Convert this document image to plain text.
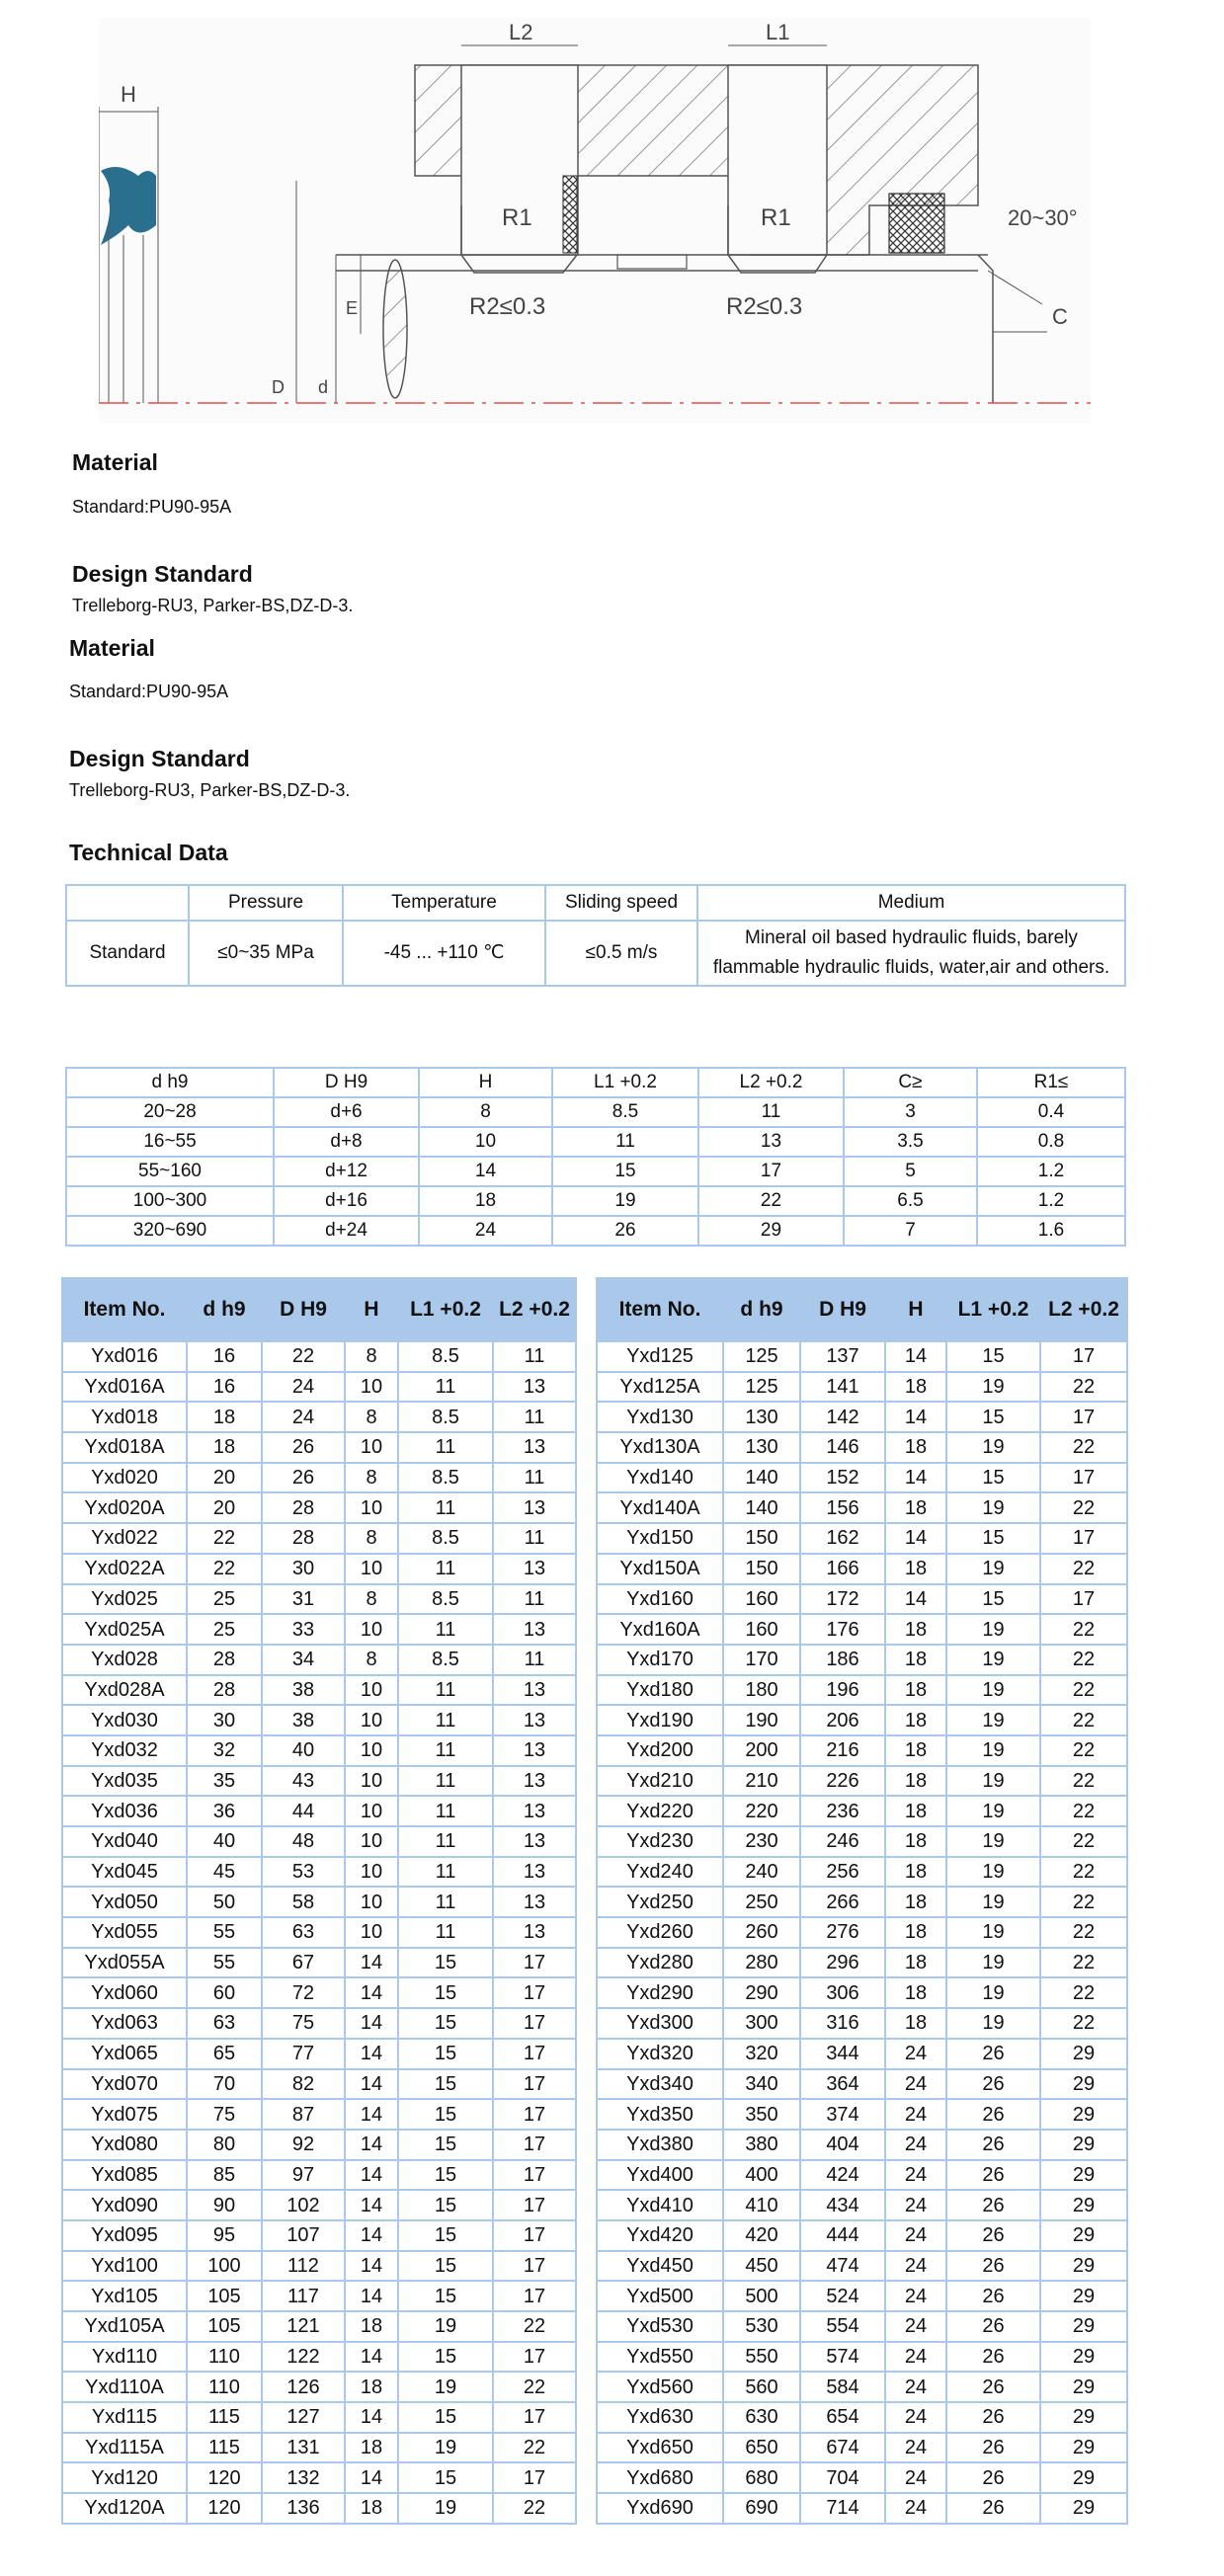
H
L2	L1
R1	R1
R2≤0.3	R2≤0.3
20~30°
C
E
D d
Material
Standard:PU90-95A
Design Standard
Trelleborg-RU3, Parker-BS,DZ-D-3.
Material
Standard:PU90-95A
Design Standard
Trelleborg-RU3, Parker-BS,DZ-D-3.
Technical Data
	Pressure	Temperature	Sliding speed	Medium
Standard	≤0~35 MPa	-45 ... +110 ℃	≤0.5 m/s	Mineral oil based hydraulic fluids, barely flammable hydraulic fluids, water,air and others.
d h9	D H9	H	L1 +0.2	L2 +0.2	C≥	R1≤
20~28	d+6	8	8.5	11	3	0.4
16~55	d+8	10	11	13	3.5	0.8
55~160	d+12	14	15	17	5	1.2
100~300	d+16	18	19	22	6.5	1.2
320~690	d+24	24	26	29	7	1.6
Item No.	d h9	D H9	H	L1 +0.2	L2 +0.2
Yxd016	16	22	8	8.5	11
Yxd016A	16	24	10	11	13
Yxd018	18	24	8	8.5	11
Yxd018A	18	26	10	11	13
Yxd020	20	26	8	8.5	11
Yxd020A	20	28	10	11	13
Yxd022	22	28	8	8.5	11
Yxd022A	22	30	10	11	13
Yxd025	25	31	8	8.5	11
Yxd025A	25	33	10	11	13
Yxd028	28	34	8	8.5	11
Yxd028A	28	38	10	11	13
Yxd030	30	38	10	11	13
Yxd032	32	40	10	11	13
Yxd035	35	43	10	11	13
Yxd036	36	44	10	11	13
Yxd040	40	48	10	11	13
Yxd045	45	53	10	11	13
Yxd050	50	58	10	11	13
Yxd055	55	63	10	11	13
Yxd055A	55	67	14	15	17
Yxd060	60	72	14	15	17
Yxd063	63	75	14	15	17
Yxd065	65	77	14	15	17
Yxd070	70	82	14	15	17
Yxd075	75	87	14	15	17
Yxd080	80	92	14	15	17
Yxd085	85	97	14	15	17
Yxd090	90	102	14	15	17
Yxd095	95	107	14	15	17
Yxd100	100	112	14	15	17
Yxd105	105	117	14	15	17
Yxd105A	105	121	18	19	22
Yxd110	110	122	14	15	17
Yxd110A	110	126	18	19	22
Yxd115	115	127	14	15	17
Yxd115A	115	131	18	19	22
Yxd120	120	132	14	15	17
Yxd120A	120	136	18	19	22
Item No.	d h9	D H9	H	L1 +0.2	L2 +0.2
Yxd125	125	137	14	15	17
Yxd125A	125	141	18	19	22
Yxd130	130	142	14	15	17
Yxd130A	130	146	18	19	22
Yxd140	140	152	14	15	17
Yxd140A	140	156	18	19	22
Yxd150	150	162	14	15	17
Yxd150A	150	166	18	19	22
Yxd160	160	172	14	15	17
Yxd160A	160	176	18	19	22
Yxd170	170	186	18	19	22
Yxd180	180	196	18	19	22
Yxd190	190	206	18	19	22
Yxd200	200	216	18	19	22
Yxd210	210	226	18	19	22
Yxd220	220	236	18	19	22
Yxd230	230	246	18	19	22
Yxd240	240	256	18	19	22
Yxd250	250	266	18	19	22
Yxd260	260	276	18	19	22
Yxd280	280	296	18	19	22
Yxd290	290	306	18	19	22
Yxd300	300	316	18	19	22
Yxd320	320	344	24	26	29
Yxd340	340	364	24	26	29
Yxd350	350	374	24	26	29
Yxd380	380	404	24	26	29
Yxd400	400	424	24	26	29
Yxd410	410	434	24	26	29
Yxd420	420	444	24	26	29
Yxd450	450	474	24	26	29
Yxd500	500	524	24	26	29
Yxd530	530	554	24	26	29
Yxd550	550	574	24	26	29
Yxd560	560	584	24	26	29
Yxd630	630	654	24	26	29
Yxd650	650	674	24	26	29
Yxd680	680	704	24	26	29
Yxd690	690	714	24	26	29
